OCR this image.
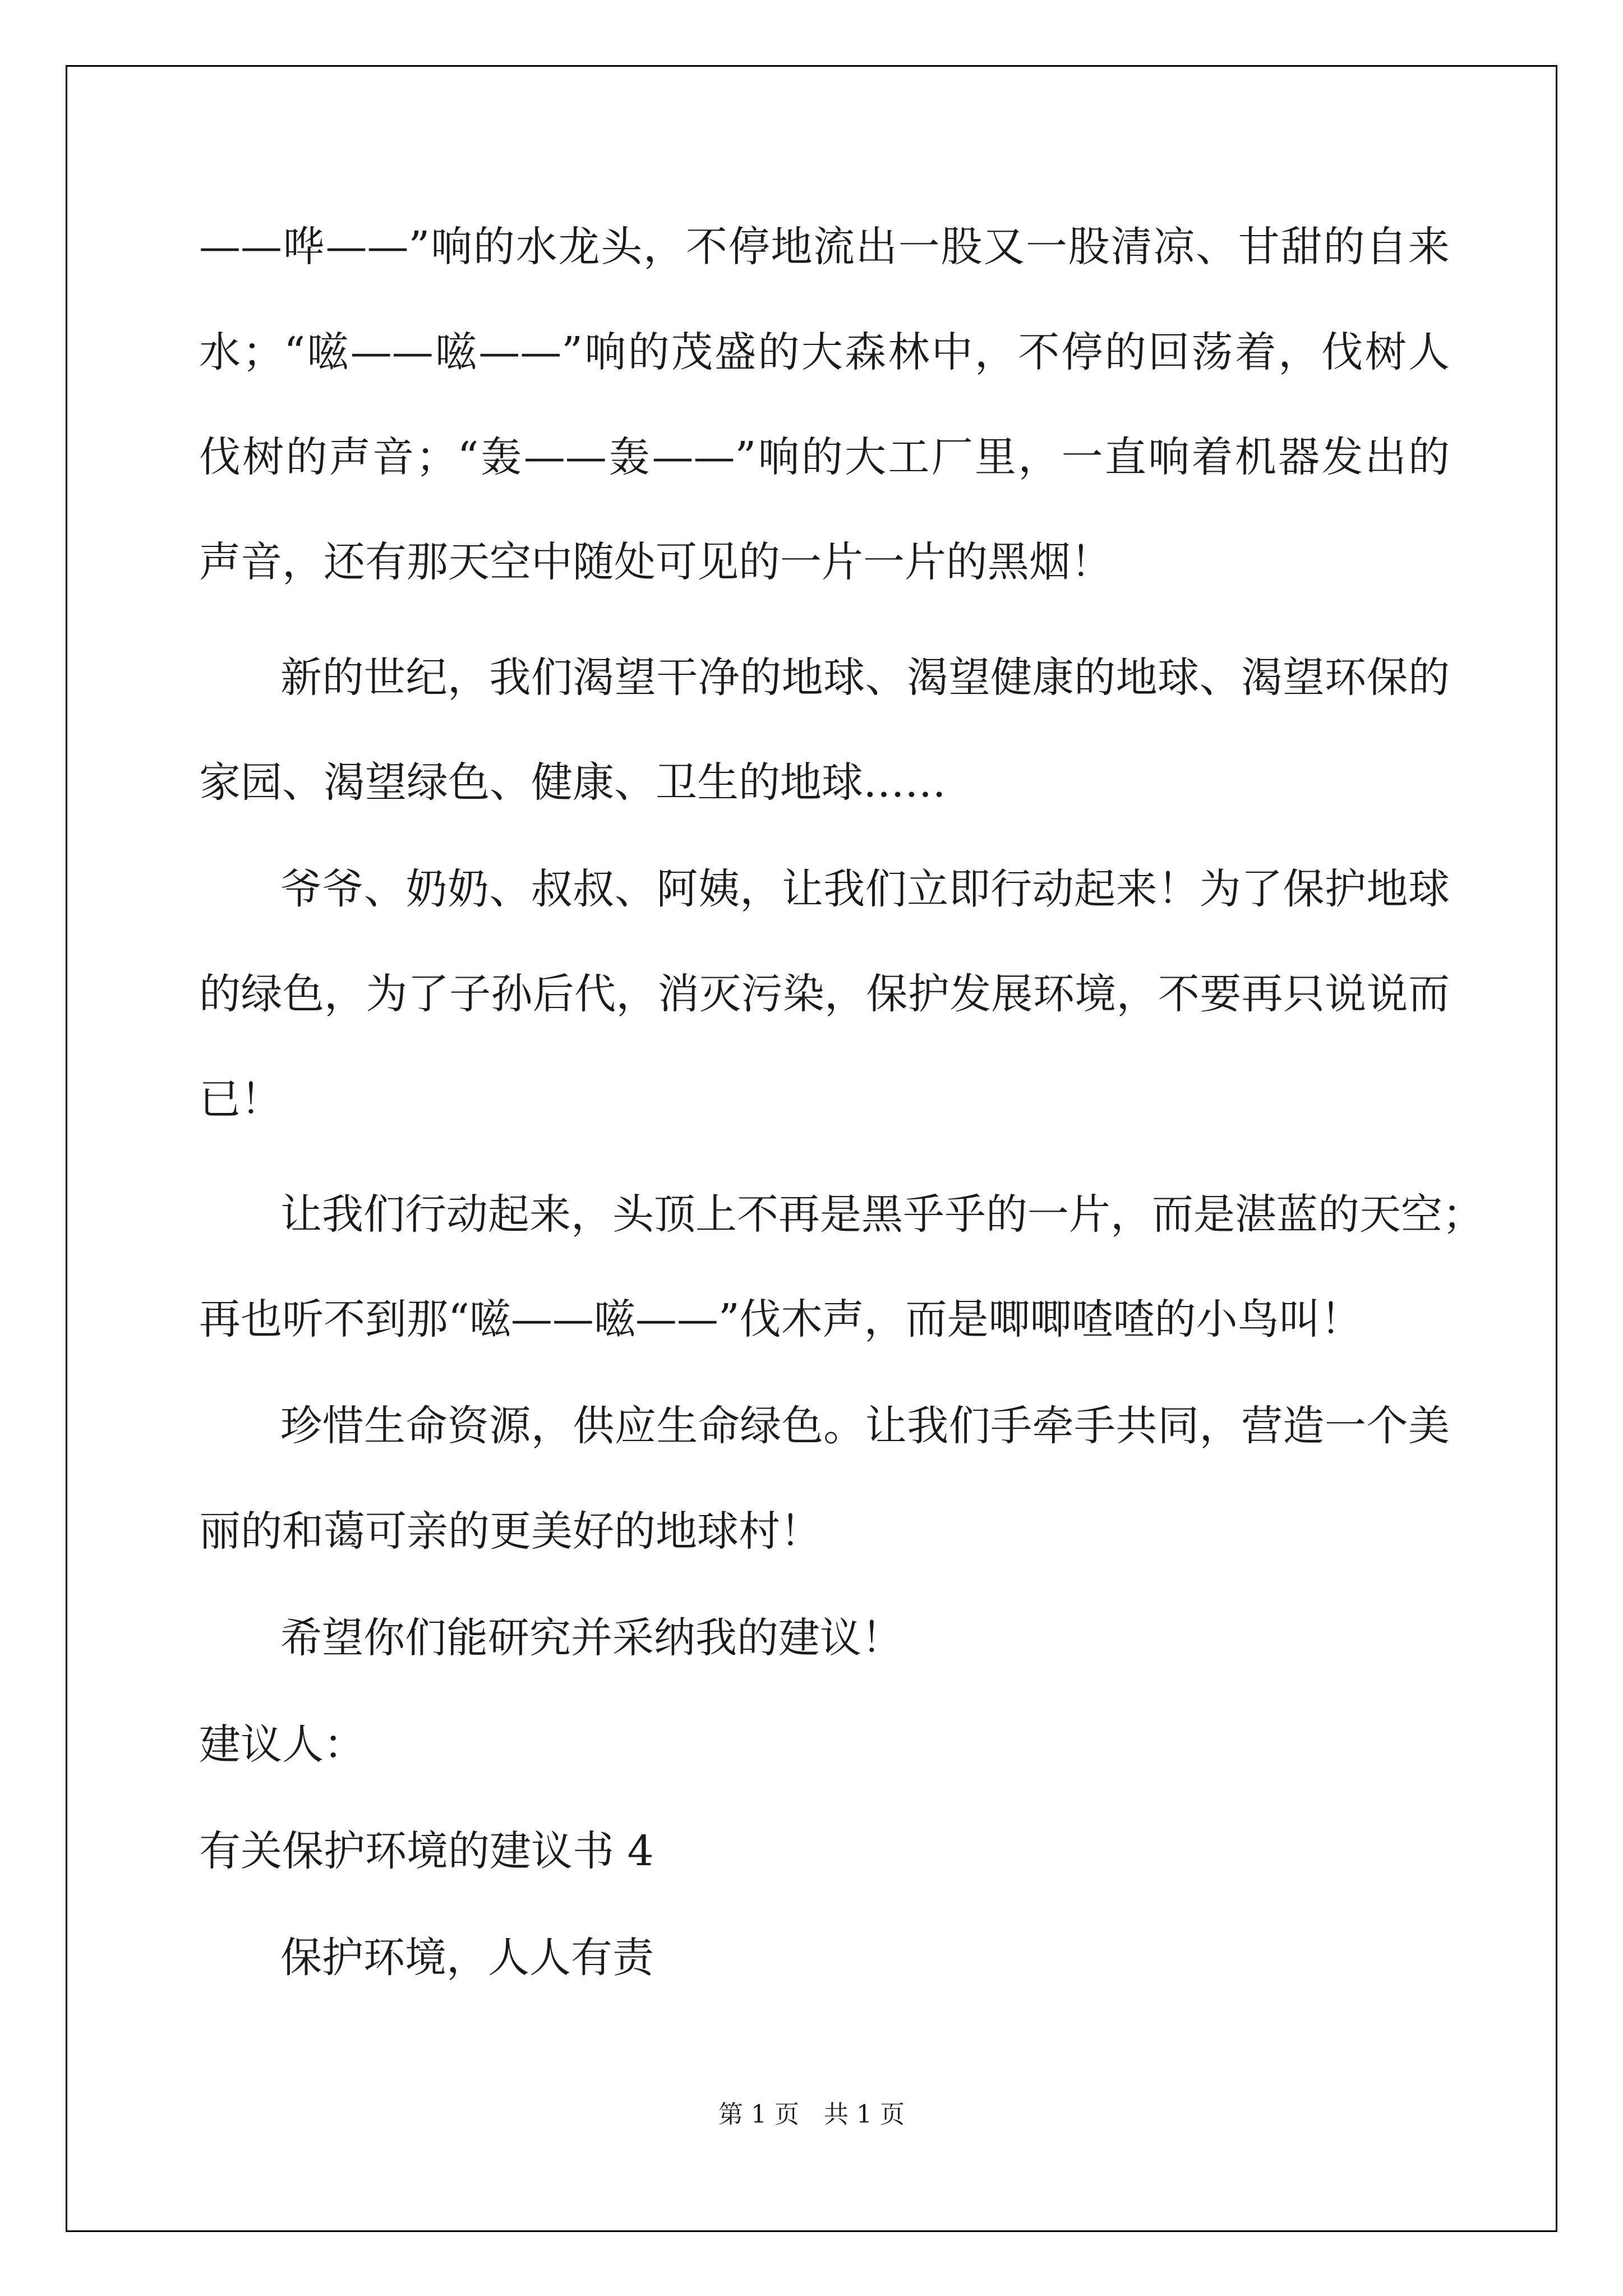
——哗——”响的水龙头，不停地流出一股又一股清凉、甘甜的自来

水；“嗞——嗞——”响的茂盛的大森林中，不停的回荡着，伐树人

伐树的声音；“轰——轰——”响的大工厂里，一直响着机器发出的

声音，还有那天空中随处可见的一片一片的黑烟！

新的世纪，我们渴望干净的地球、渴望健康的地球、渴望环保的

家园、渴望绿色、健康、卫生的地球……

爷爷、奶奶、叔叔、阿姨，让我们立即行动起来！为了保护地球

的绿色，为了子孙后代，消灭污染，保护发展环境，不要再只说说而

已！

让我们行动起来，头顶上不再是黑乎乎的一片，而是湛蓝的天空；

再也听不到那“嗞——嗞——”伐木声，而是唧唧喳喳的小鸟叫！

珍惜生命资源，供应生命绿色。让我们手牵手共同，营造一个美

丽的和蔼可亲的更美好的地球村！

希望你们能研究并采纳我的建议！

建议人：

有关保护环境的建议书 4

保护环境，人人有责

第 1 页　共 1 页
